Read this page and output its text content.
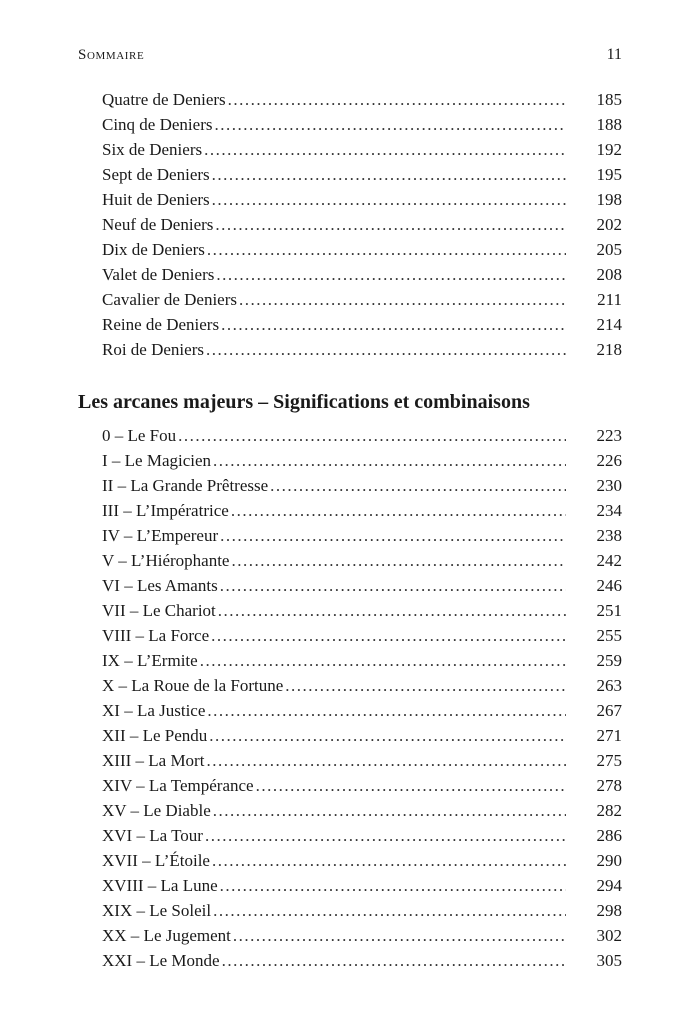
Sommaire	11
Quatre de Deniers .....	185
Cinq de Deniers .....	188
Six de Deniers .....	192
Sept de Deniers .....	195
Huit de Deniers .....	198
Neuf de Deniers .....	202
Dix de Deniers .....	205
Valet de Deniers .....	208
Cavalier de Deniers .....	211
Reine de Deniers .....	214
Roi de Deniers .....	218
Les arcanes majeurs – Significations et combinaisons
0 – Le Fou .....	223
I – Le Magicien .....	226
II – La Grande Prêtresse .....	230
III – L’Impératrice .....	234
IV – L’Empereur .....	238
V – L’Hiérophante .....	242
VI – Les Amants .....	246
VII – Le Chariot .....	251
VIII – La Force .....	255
IX – L’Ermite .....	259
X – La Roue de la Fortune .....	263
XI – La Justice .....	267
XII – Le Pendu .....	271
XIII – La Mort .....	275
XIV – La Tempérance .....	278
XV – Le Diable .....	282
XVI – La Tour .....	286
XVII – L’Étoile .....	290
XVIII – La Lune .....	294
XIX – Le Soleil .....	298
XX – Le Jugement .....	302
XXI – Le Monde .....	305
